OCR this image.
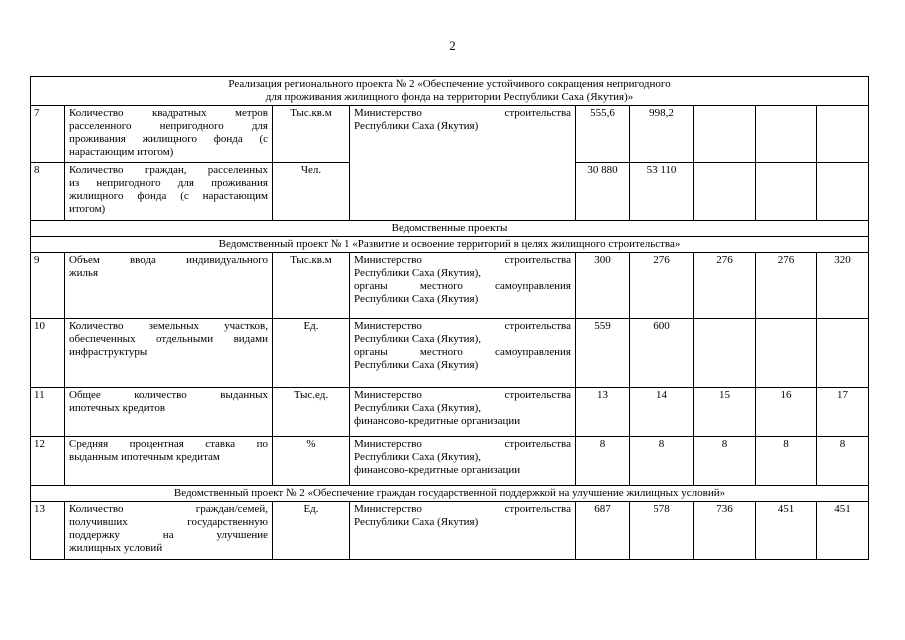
2
Реализация регионального проекта № 2 «Обеспечение устойчивого сокращения непригодного
для проживания жилищного фонда на территории Республики Саха (Якутия)»								

7	Количество квадратных метров
расселенного непригодного для
проживания жилищного фонда (с
нарастающим итогом)	Тыс.кв.м	Министерство строительства
Республики Саха (Якутия)	555,6	998,2			
8	Количество граждан, расселенных
из непригодного для проживания
жилищного фонда (с нарастающим
итогом)	Чел.		30 880	53 110			
Ведомственные проекты								
Ведомственный проект № 1 «Развитие и освоение территорий в целях жилищного строительства»								
9	Объем ввода индивидуального
жилья	Тыс.кв.м	Министерство строительства
Республики Саха (Якутия),
органы местного самоуправления
Республики Саха (Якутия)	300	276	276	276	320
10	Количество земельных участков,
обеспеченных отдельными видами
инфраструктуры	Ед.	Министерство строительства
Республики Саха (Якутия),
органы местного самоуправления
Республики Саха (Якутия)	559	600			
11	Общее количество выданных
ипотечных кредитов	Тыс.ед.	Министерство строительства
Республики Саха (Якутия),
финансово-кредитные организации	13	14	15	16	17
12	Средняя процентная ставка по
выданным ипотечным кредитам	%	Министерство строительства
Республики Саха (Якутия),
финансово-кредитные организации	8	8	8	8	8
Ведомственный проект № 2 «Обеспечение граждан государственной поддержкой на улучшение жилищных условий»								
13	Количество граждан/семей,
получивших государственную
поддержку на улучшение
жилищных условий	Ед.	Министерство строительства
Республики Саха (Якутия)	687	578	736	451	451
